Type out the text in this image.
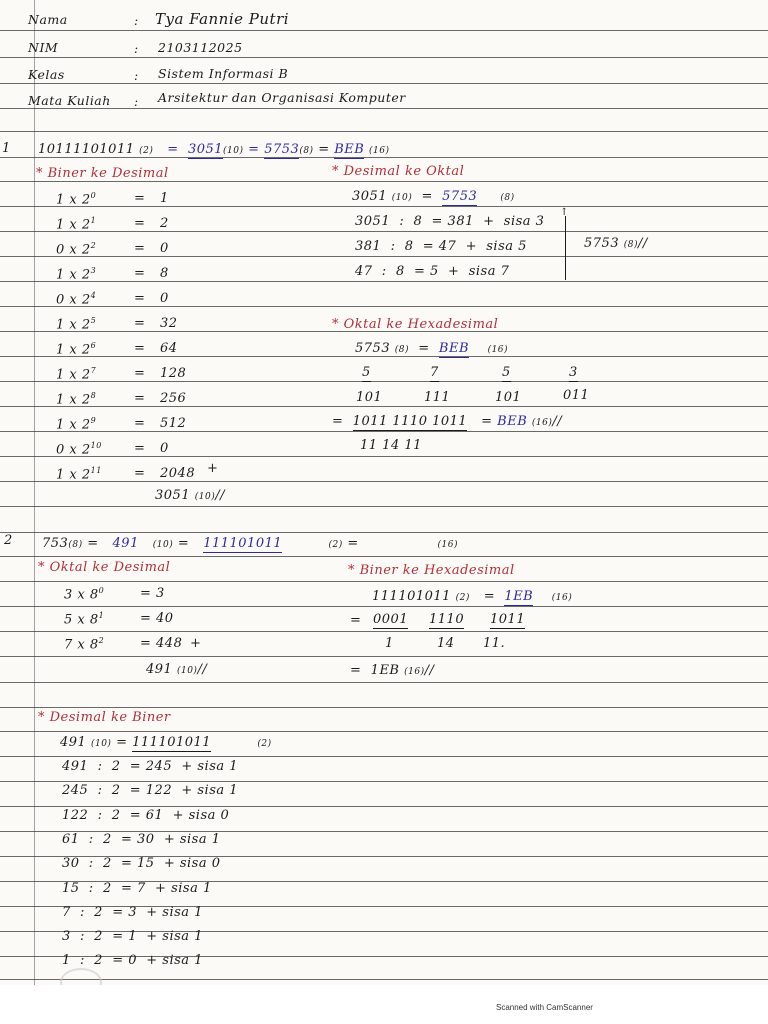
Nama	: Tya Fannie Putri
NIM	: 2103112025
Kelas	: Sistem Informasi B
Mata Kuliah : Arsitektur dan Organisasi Komputer
1 10111101011 (2) = 3051(10) = 5753(8) = BEB (16)
* Biner ke Desimal
1 x $2^0$	= 1
1 x $2^1$	= 2
0 x $2^2$	= 0
1 x $2^3$	= 8
0 x $2^4$	= 0
1 x $2^5$	= 32
1 x $2^6$	= 64
1 x $2^7$	= 128
1 x $2^8$	= 256
1 x $2^9$	= 512
0 x $2^{10} = 0$
1 x $2^{11} = 2048$ +
3051 (10)//
* Desimal ke Oktal
3051 (10) = 5753	(8)
3051  :  8  = 381  +  sisa 3
381  :  8  = 47  +  sisa 5
47  :  8  = 5  +  sisa 7
↑
5753 (8)//
* Oktal ke Hexadesimal
5753 (8) = BEB (16)
5	7	5	3
101	111	101	011
= 1011 1110 1011 = BEB (16)//
11 14 11
2 753(8) = 491 (10) = 111101011	(2) =	(16)
* Oktal ke Desimal
3 x $8^0$	= 3
5 x $8^1$	= 40
7 x $8^2$	= 448 +
491 (10)//
* Biner ke Hexadesimal
111101011 (2) = 1EB (16)
= 0001 1110 1011
1	14 11.
= 1EB (16)//
* Desimal ke Biner
491 (10) = 111101011	(2)
491  :  2  = 245  + sisa 1
245  :  2  = 122  + sisa 1
122  :  2  = 61  + sisa 0
61  :  2  = 30  + sisa 1
30  :  2  = 15  + sisa 0
15  :  2  = 7  + sisa 1
7  :  2  = 3  + sisa 1
3  :  2  = 1  + sisa 1
1  :  2  = 0  + sisa 1
Scanned with CamScanner
